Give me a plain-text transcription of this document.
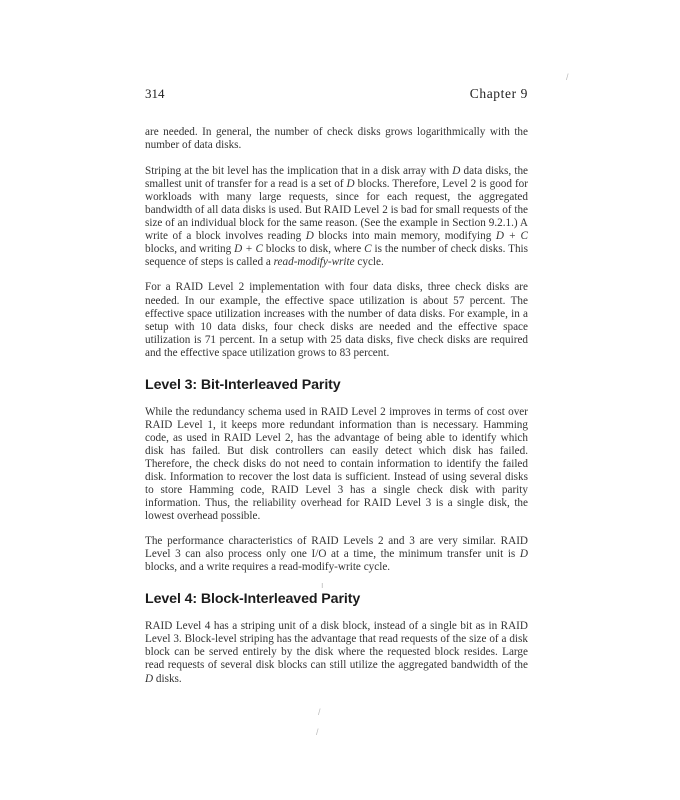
314	Chapter 9
/
ı
/
/

are needed. In general, the number of check disks grows logarithmically with the number of data disks.

Striping at the bit level has the implication that in a disk array with D data disks, the smallest unit of transfer for a read is a set of D blocks. Therefore, Level 2 is good for workloads with many large requests, since for each request, the aggregated bandwidth of all data disks is used. But RAID Level 2 is bad for small requests of the size of an individual block for the same reason. (See the example in Section 9.2.1.) A write of a block involves reading D blocks into main memory, modifying D + C blocks, and writing D + C blocks to disk, where C is the number of check disks. This sequence of steps is called a read-modify-write cycle.

For a RAID Level 2 implementation with four data disks, three check disks are needed. In our example, the effective space utilization is about 57 percent. The effective space utilization increases with the number of data disks. For example, in a setup with 10 data disks, four check disks are needed and the effective space utilization is 71 percent. In a setup with 25 data disks, five check disks are required and the effective space utilization grows to 83 percent.

Level 3: Bit-Interleaved Parity

While the redundancy schema used in RAID Level 2 improves in terms of cost over RAID Level 1, it keeps more redundant information than is necessary. Hamming code, as used in RAID Level 2, has the advantage of being able to identify which disk has failed. But disk controllers can easily detect which disk has failed. Therefore, the check disks do not need to contain information to identify the failed disk. Information to recover the lost data is sufficient. Instead of using several disks to store Hamming code, RAID Level 3 has a single check disk with parity information. Thus, the reliability overhead for RAID Level 3 is a single disk, the lowest overhead possible.

The performance characteristics of RAID Levels 2 and 3 are very similar. RAID Level 3 can also process only one I/O at a time, the minimum transfer unit is D blocks, and a write requires a read-modify-write cycle.

Level 4: Block-Interleaved Parity

RAID Level 4 has a striping unit of a disk block, instead of a single bit as in RAID Level 3. Block-level striping has the advantage that read requests of the size of a disk block can be served entirely by the disk where the requested block resides. Large read requests of several disk blocks can still utilize the aggregated bandwidth of the D disks.
